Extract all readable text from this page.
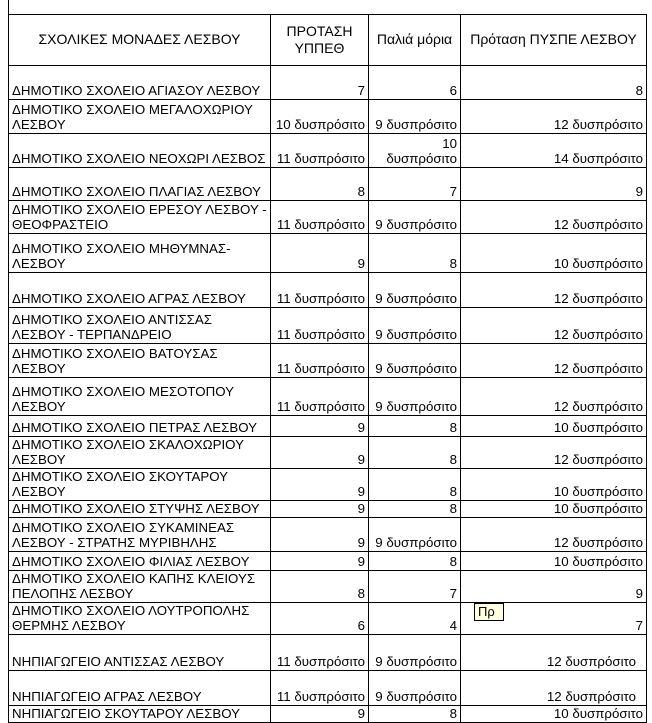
ΣΧΟΛΙΚΕΣ ΜΟΝΑΔΕΣ ΛΕΣΒΟΥ	ΠΡΟΤΑΣΗ ΥΠΠΕΘ	Παλιά μόρια	Πρόταση ΠΥΣΠΕ ΛΕΣΒΟΥ
ΔΗΜΟΤΙΚΟ ΣΧΟΛΕΙΟ ΑΓΙΑΣΟΥ ΛΕΣΒΟΥ	7	6	8
ΔΗΜΟΤΙΚΟ ΣΧΟΛΕΙΟ ΜΕΓΑΛΟΧΩΡΙΟΥ ΛΕΣΒΟΥ	10 δυσπρόσιτο	9 δυσπρόσιτο	12 δυσπρόσιτο
ΔΗΜΟΤΙΚΟ ΣΧΟΛΕΙΟ ΝΕΟΧΩΡΙ ΛΕΣΒΟΣ	11 δυσπρόσιτο	10 δυσπρόσιτο	14 δυσπρόσιτο
ΔΗΜΟΤΙΚΟ ΣΧΟΛΕΙΟ ΠΛΑΓΙΑΣ ΛΕΣΒΟΥ	8	7	9
ΔΗΜΟΤΙΚΟ ΣΧΟΛΕΙΟ ΕΡΕΣΟΥ ΛΕΣΒΟΥ - ΘΕΟΦΡΑΣΤΕΙΟ	11 δυσπρόσιτο	9 δυσπρόσιτο	12 δυσπρόσιτο
ΔΗΜΟΤΙΚΟ ΣΧΟΛΕΙΟ ΜΗΘΥΜΝΑΣ- ΛΕΣΒΟΥ	9	8	10 δυσπρόσιτο
ΔΗΜΟΤΙΚΟ ΣΧΟΛΕΙΟ ΑΓΡΑΣ ΛΕΣΒΟΥ	11 δυσπρόσιτο	9 δυσπρόσιτο	12 δυσπρόσιτο
ΔΗΜΟΤΙΚΟ ΣΧΟΛΕΙΟ ΑΝΤΙΣΣΑΣ ΛΕΣΒΟΥ - ΤΕΡΠΑΝΔΡΕΙΟ	11 δυσπρόσιτο	9 δυσπρόσιτο	12 δυσπρόσιτο
ΔΗΜΟΤΙΚΟ ΣΧΟΛΕΙΟ ΒΑΤΟΥΣΑΣ ΛΕΣΒΟΥ	11 δυσπρόσιτο	9 δυσπρόσιτο	12 δυσπρόσιτο
ΔΗΜΟΤΙΚΟ ΣΧΟΛΕΙΟ ΜΕΣΟΤΟΠΟΥ ΛΕΣΒΟΥ	11 δυσπρόσιτο	9 δυσπρόσιτο	12 δυσπρόσιτο
ΔΗΜΟΤΙΚΟ ΣΧΟΛΕΙΟ ΠΕΤΡΑΣ ΛΕΣΒΟΥ	9	8	10 δυσπρόσιτο
ΔΗΜΟΤΙΚΟ ΣΧΟΛΕΙΟ ΣΚΑΛΟΧΩΡΙΟΥ ΛΕΣΒΟΥ	9	8	12 δυσπρόσιτο
ΔΗΜΟΤΙΚΟ ΣΧΟΛΕΙΟ ΣΚΟΥΤΑΡΟΥ ΛΕΣΒΟΥ	9	8	10 δυσπρόσιτο
ΔΗΜΟΤΙΚΟ ΣΧΟΛΕΙΟ ΣΤΥΨΗΣ ΛΕΣΒΟΥ	9	8	10 δυσπρόσιτο
ΔΗΜΟΤΙΚΟ ΣΧΟΛΕΙΟ ΣΥΚΑΜΙΝΕΑΣ ΛΕΣΒΟΥ - ΣΤΡΑΤΗΣ ΜΥΡΙΒΗΛΗΣ	9	9 δυσπρόσιτο	12 δυσπρόσιτο
ΔΗΜΟΤΙΚΟ ΣΧΟΛΕΙΟ ΦΙΛΙΑΣ ΛΕΣΒΟΥ	9	8	10 δυσπρόσιτο
ΔΗΜΟΤΙΚΟ ΣΧΟΛΕΙΟ ΚΑΠΗΣ ΚΛΕΙΟΥΣ ΠΕΛΟΠΗΣ ΛΕΣΒΟΥ	8	7	9
ΔΗΜΟΤΙΚΟ ΣΧΟΛΕΙΟ ΛΟΥΤΡΟΠΟΛΗΣ ΘΕΡΜΗΣ ΛΕΣΒΟΥ	6	4	7
ΝΗΠΙΑΓΩΓΕΙΟ ΑΝΤΙΣΣΑΣ ΛΕΣΒΟΥ	11 δυσπρόσιτο	9 δυσπρόσιτο	12 δυσπρόσιτο
ΝΗΠΙΑΓΩΓΕΙΟ ΑΓΡΑΣ ΛΕΣΒΟΥ	11 δυσπρόσιτο	9 δυσπρόσιτο	12 δυσπρόσιτο
ΝΗΠΙΑΓΩΓΕΙΟ ΣΚΟΥΤΑΡΟΥ ΛΕΣΒΟΥ	9	8	10 δυσπρόσιτο
Πρ
